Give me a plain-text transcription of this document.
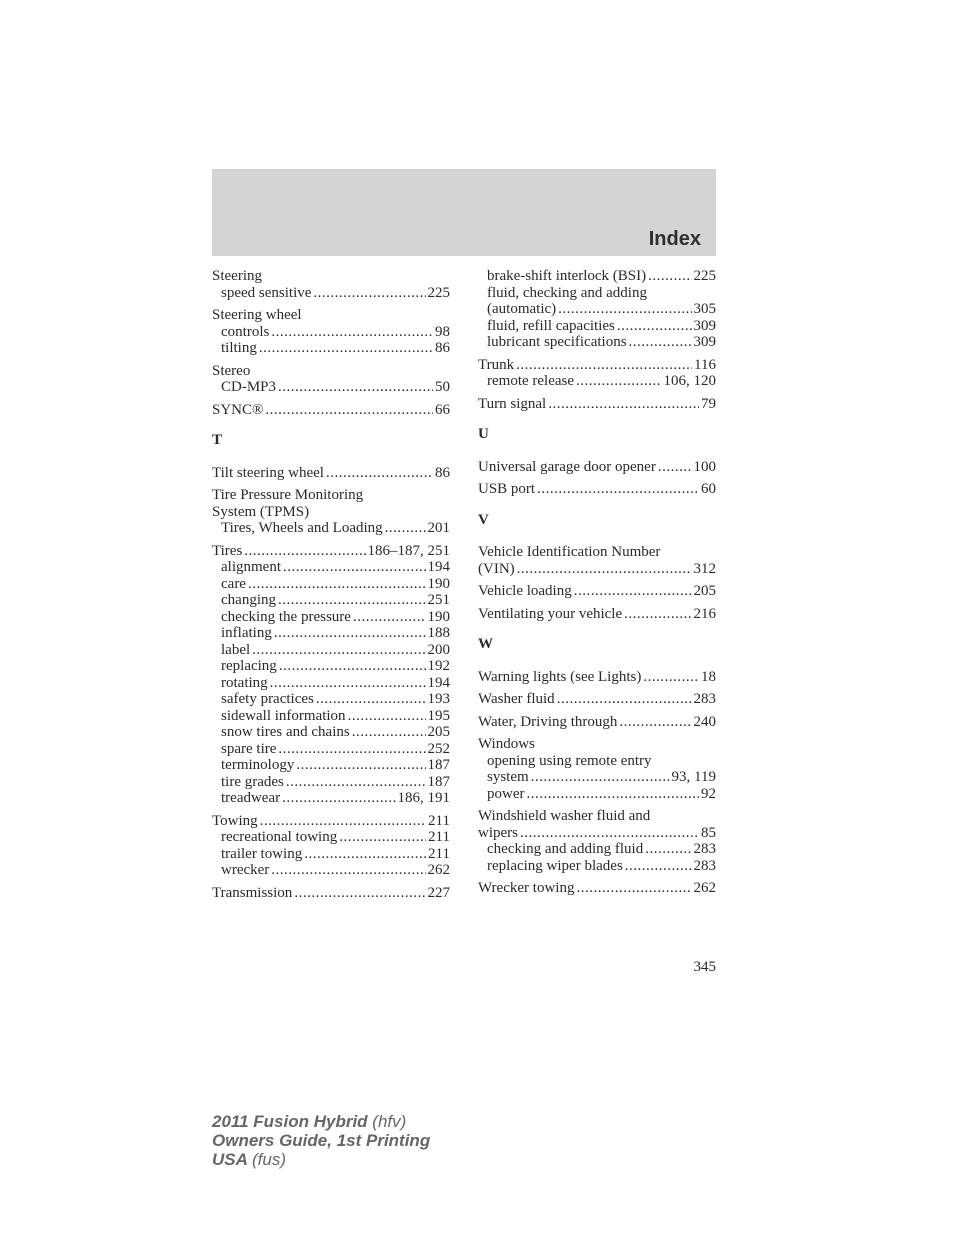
Index
Steering
speed sensitive .....	225
Steering wheel
controls .....	98
tilting .....	86
Stereo
CD-MP3 .....	50
SYNC® .....	66
T
Tilt steering wheel .....	86
Tire Pressure Monitoring
System (TPMS)
Tires, Wheels and Loading .....	201
Tires .....	186–187, 251
alignment .....	194
care .....	190
changing .....	251
checking the pressure .....	190
inflating .....	188
label .....	200
replacing .....	192
rotating .....	194
safety practices .....	193
sidewall information .....	195
snow tires and chains .....	205
spare tire .....	252
terminology .....	187
tire grades .....	187
treadwear .....	186, 191
Towing .....	211
recreational towing .....	211
trailer towing .....	211
wrecker .....	262
Transmission .....	227
brake-shift interlock (BSI) .....	225
fluid, checking and adding
(automatic) .....	305
fluid, refill capacities .....	309
lubricant specifications .....	309
Trunk .....	116
remote release .....	106, 120
Turn signal .....	79
U
Universal garage door opener .....	100
USB port .....	60
V
Vehicle Identification Number
(VIN) .....	312
Vehicle loading .....	205
Ventilating your vehicle .....	216
W
Warning lights (see Lights) .....	18
Washer fluid .....	283
Water, Driving through .....	240
Windows
opening using remote entry
system .....	93, 119
power .....	92
Windshield washer fluid and
wipers .....	85
checking and adding fluid .....	283
replacing wiper blades .....	283
Wrecker towing .....	262
345
2011 Fusion Hybrid (hfv)
Owners Guide, 1st Printing
USA (fus)
